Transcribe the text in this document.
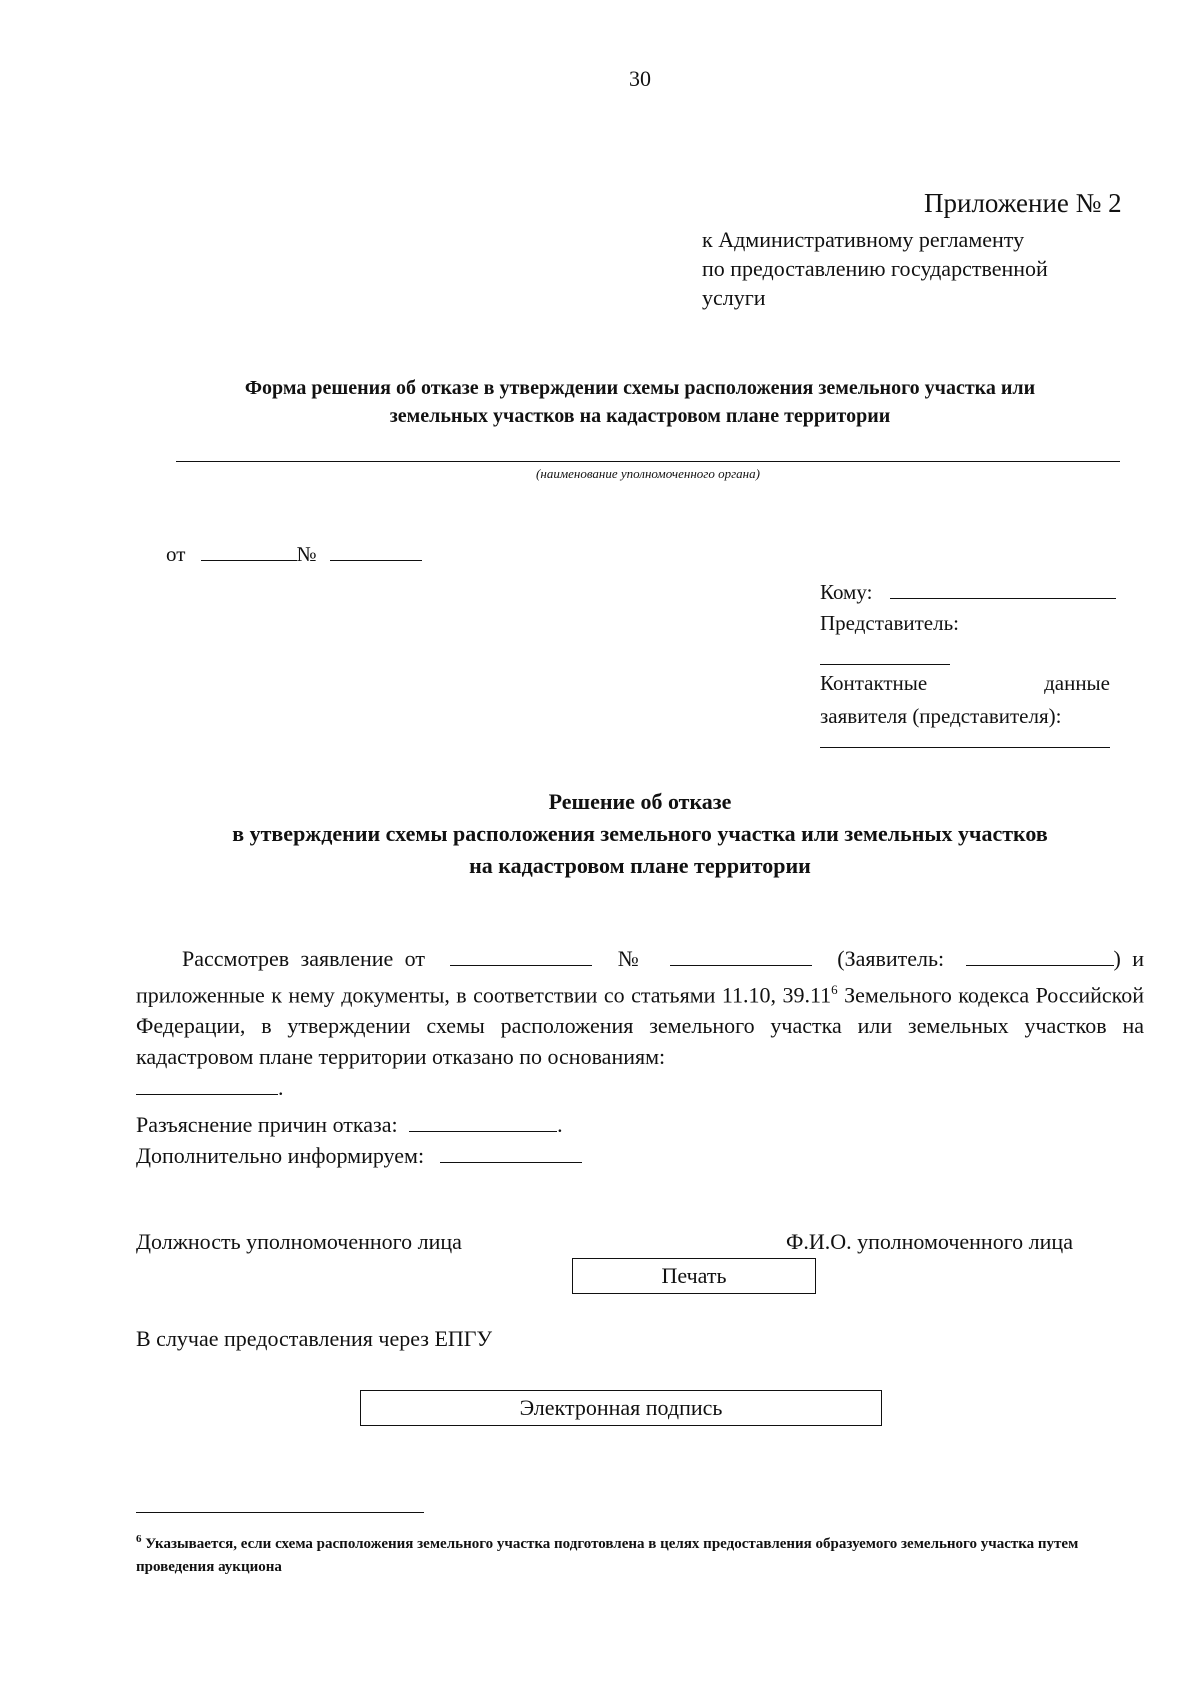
30
Приложение № 2
к Административному регламенту
по предоставлению государственной
услуги
Форма решения об отказе в утверждении схемы расположения земельного участка или
земельных участков на кадастровом плане территории
(наименование уполномоченного органа)
от	№
Кому:
Представитель:
Контактные	данные
заявителя (представителя):
Решение об отказе
в утверждении схемы расположения земельного участка или земельных участков
на кадастровом плане территории

Рассмотрев заявление от	№	(Заявитель:	) и приложенные к нему документы, в соответствии со статьями 11.10, 39.11$^6$ Земельного кодекса Российской Федерации, в утверждении схемы расположения земельного участка или земельных участков на кадастровом плане территории отказано по основаниям:

.
Разъяснение причин отказа:	.
Дополнительно информируем:
Должность уполномоченного лица	Ф.И.О. уполномоченного лица
Печать
В случае предоставления через ЕПГУ
Электронная подпись
$^6$ Указывается, если схема расположения земельного участка подготовлена в целях предоставления образуемого земельного участка путем проведения аукциона
